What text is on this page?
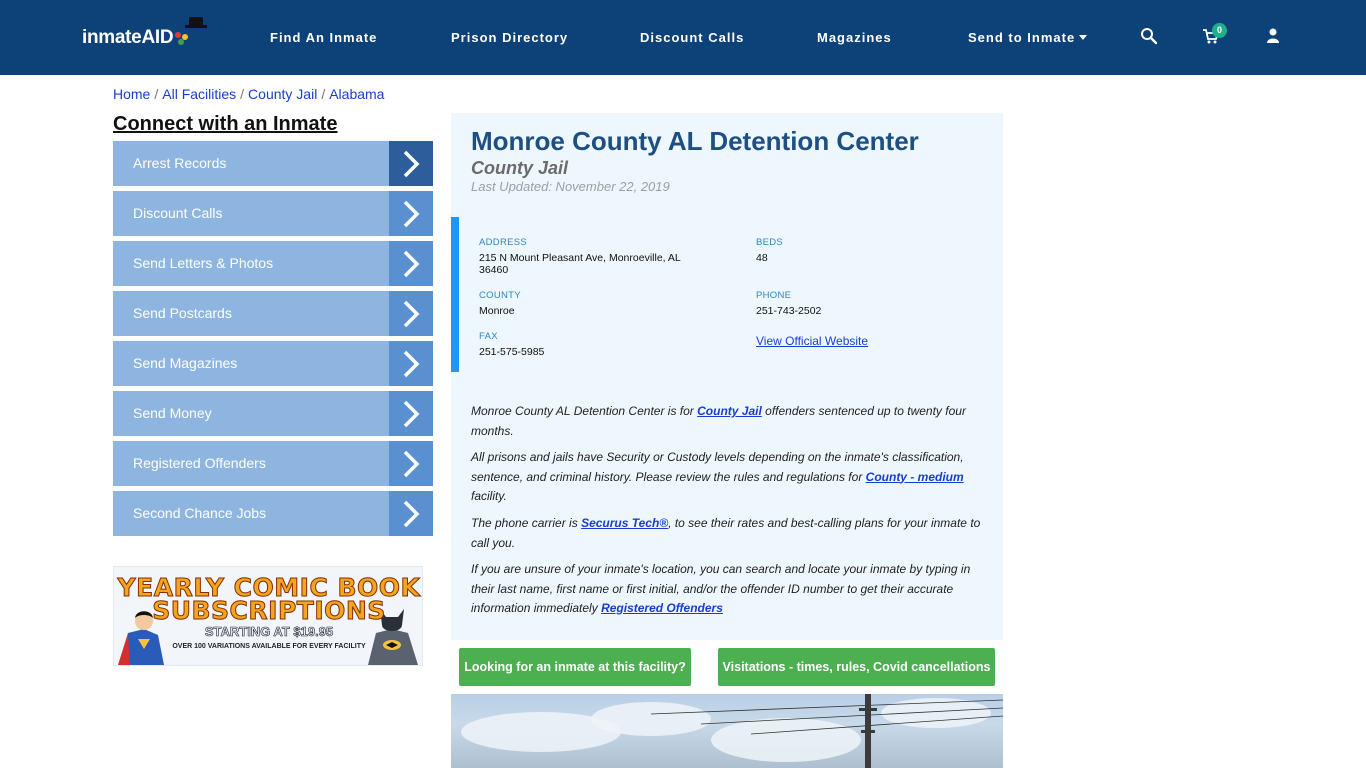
inmate
AID	Find An Inmate	Prison Directory	Discount Calls	Magazines	Send to Inmate	0
Home / All Facilities / County Jail / Alabama
Connect with an Inmate
Arrest Records
Discount Calls
Send Letters & Photos
Send Postcards
Send Magazines
Send Money
Registered Offenders
Second Chance Jobs
YEARLY COMIC BOOK
SUBSCRIPTIONS
STARTING AT $19.95
OVER 100 VARIATIONS AVAILABLE FOR EVERY FACILITY
Monroe County AL Detention Center
County Jail
Last Updated: November 22, 2019
ADDRESS
215 N Mount Pleasant Ave, Monroeville, AL
36460
BEDS
48
COUNTY
Monroe
PHONE
251-743-2502
FAX
251-575-5985
View Official Website

Monroe County AL Detention Center is for County Jail offenders sentenced up to twenty four months.

All prisons and jails have Security or Custody levels depending on the inmate's classification, sentence, and criminal history. Please review the rules and regulations for County - medium facility.

The phone carrier is Securus Tech®, to see their rates and best-calling plans for your inmate to call you.

If you are unsure of your inmate's location, you can search and locate your inmate by typing in their last name, first name or first initial, and/or the offender ID number to get their accurate information immediately Registered Offenders

Looking for an inmate at this facility?	Visitations - times, rules, Covid cancellations
